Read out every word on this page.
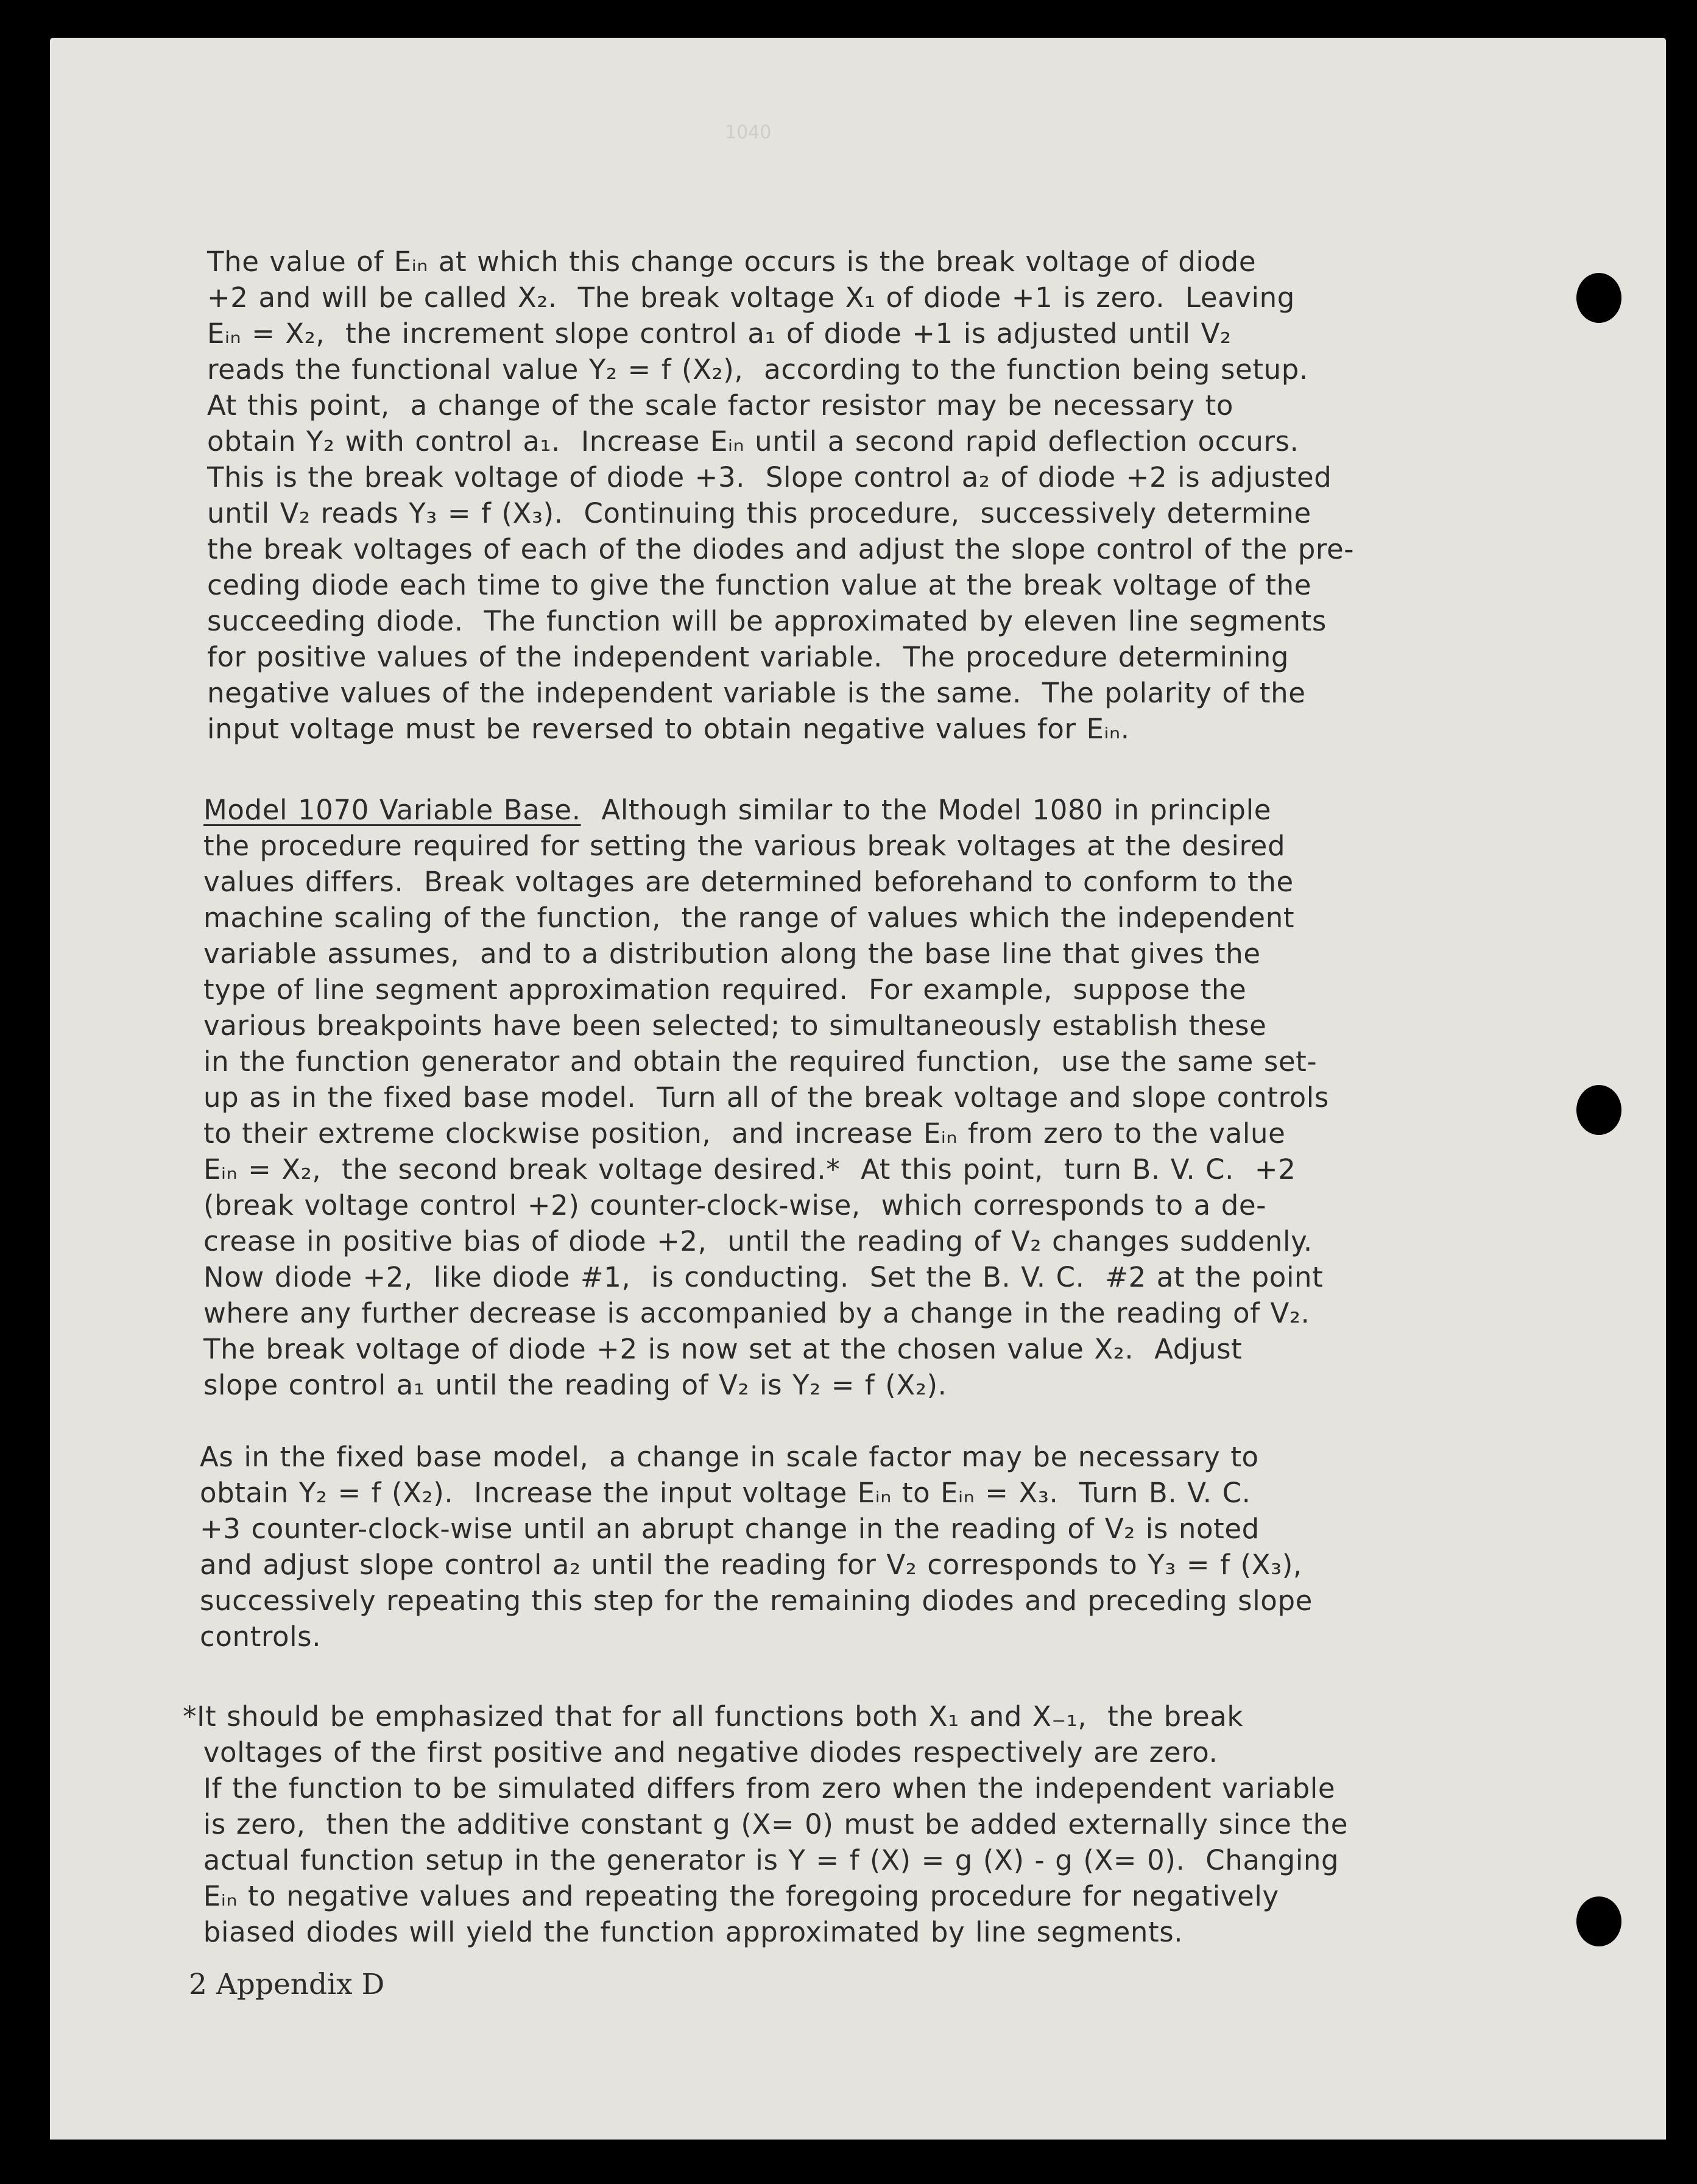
1040
The value of Eᵢₙ at which this change occurs is the break voltage of diode
+2 and will be called X₂.  The break voltage X₁ of diode +1 is zero.  Leaving
Eᵢₙ = X₂,  the increment slope control a₁ of diode +1 is adjusted until V₂
reads the functional value Y₂ = f (X₂),  according to the function being setup.
At this point,  a change of the scale factor resistor may be necessary to
obtain Y₂ with control a₁.  Increase Eᵢₙ until a second rapid deflection occurs.
This is the break voltage of diode +3.  Slope control a₂ of diode +2 is adjusted
until V₂ reads Y₃ = f (X₃).  Continuing this procedure,  successively determine
the break voltages of each of the diodes and adjust the slope control of the pre-
ceding diode each time to give the function value at the break voltage of the
succeeding diode.  The function will be approximated by eleven line segments
for positive values of the independent variable.  The procedure determining
negative values of the independent variable is the same.  The polarity of the
input voltage must be reversed to obtain negative values for Eᵢₙ.
Model 1070 Variable Base.  Although similar to the Model 1080 in principle
the procedure required for setting the various break voltages at the desired
values differs.  Break voltages are determined beforehand to conform to the
machine scaling of the function,  the range of values which the independent
variable assumes,  and to a distribution along the base line that gives the
type of line segment approximation required.  For example,  suppose the
various breakpoints have been selected; to simultaneously establish these
in the function generator and obtain the required function,  use the same set-
up as in the fixed base model.  Turn all of the break voltage and slope controls
to their extreme clockwise position,  and increase Eᵢₙ from zero to the value
Eᵢₙ = X₂,  the second break voltage desired.*  At this point,  turn B. V. C.  +2
(break voltage control +2) counter-clock-wise,  which corresponds to a de-
crease in positive bias of diode +2,  until the reading of V₂ changes suddenly.
Now diode +2,  like diode #1,  is conducting.  Set the B. V. C.  #2 at the point
where any further decrease is accompanied by a change in the reading of V₂.
The break voltage of diode +2 is now set at the chosen value X₂.  Adjust
slope control a₁ until the reading of V₂ is Y₂ = f (X₂).
As in the fixed base model,  a change in scale factor may be necessary to
obtain Y₂ = f (X₂).  Increase the input voltage Eᵢₙ to Eᵢₙ = X₃.  Turn B. V. C.
+3 counter-clock-wise until an abrupt change in the reading of V₂ is noted
and adjust slope control a₂ until the reading for V₂ corresponds to Y₃ = f (X₃),
successively repeating this step for the remaining diodes and preceding slope
controls.
*It should be emphasized that for all functions both X₁ and X₋₁,  the break
voltages of the first positive and negative diodes respectively are zero.
If the function to be simulated differs from zero when the independent variable
is zero,  then the additive constant g (X= 0) must be added externally since the
actual function setup in the generator is Y = f (X) = g (X) - g (X= 0).  Changing
Eᵢₙ to negative values and repeating the foregoing procedure for negatively
biased diodes will yield the function approximated by line segments.
2 Appendix D
